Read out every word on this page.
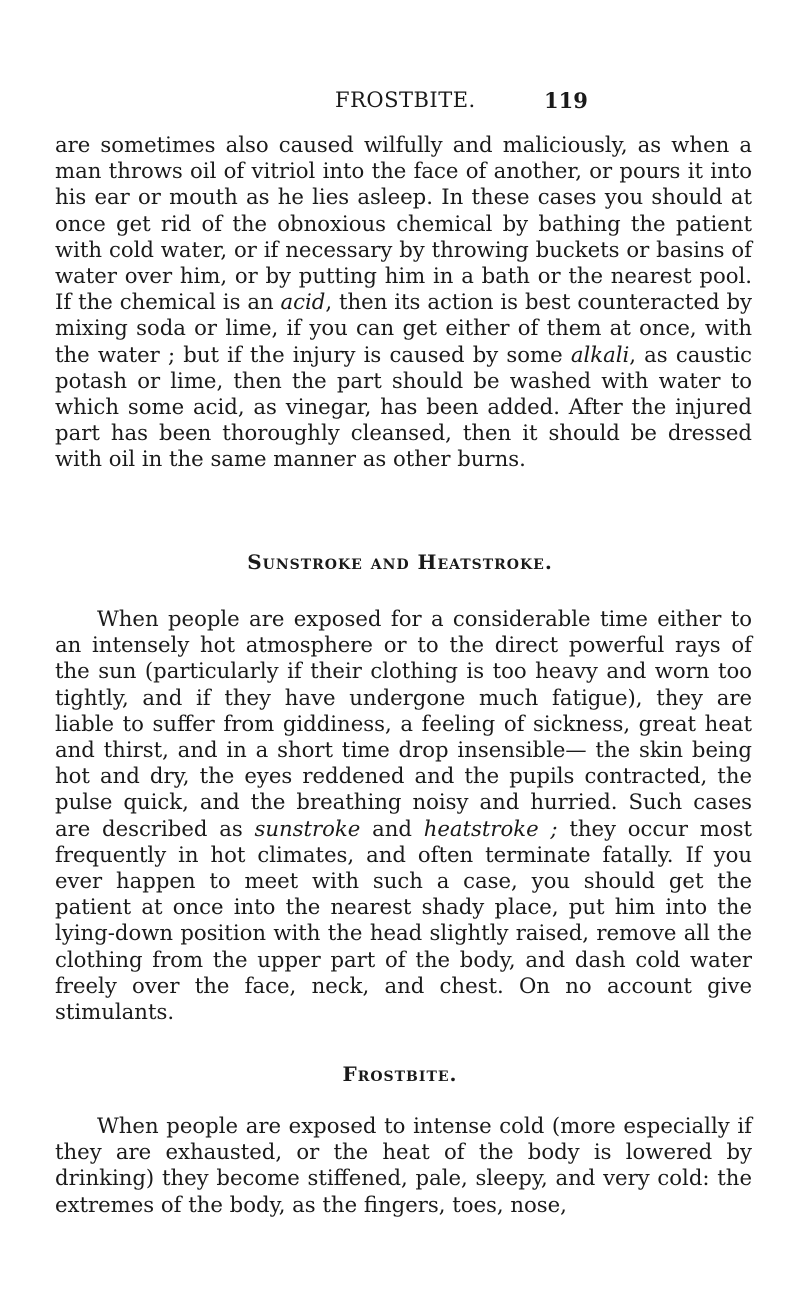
FROSTBITE.	119

are sometimes also caused wilfully and maliciously, as when a man throws oil of vitriol into the face of another, or pours it into his ear or mouth as he lies asleep. In these cases you should at once get rid of the obnoxious chemical by bathing the patient with cold water, or if necessary by throwing buckets or basins of water over him, or by putting him in a bath or the nearest pool. If the chemical is an acid, then its action is best counteracted by mixing soda or lime, if you can get either of them at once, with the water ; but if the injury is caused by some alkali, as caustic potash or lime, then the part should be washed with water to which some acid, as vinegar, has been added. After the injured part has been thoroughly cleansed, then it should be dressed with oil in the same manner as other burns.

Sunstroke and Heatstroke.

When people are exposed for a considerable time either to an intensely hot atmosphere or to the direct powerful rays of the sun (particularly if their clothing is too heavy and worn too tightly, and if they have undergone much fatigue), they are liable to suffer from giddiness, a feeling of sickness, great heat and thirst, and in a short time drop insensible— the skin being hot and dry, the eyes reddened and the pupils contracted, the pulse quick, and the breathing noisy and hurried. Such cases are described as sunstroke and heatstroke ; they occur most frequently in hot climates, and often terminate fatally. If you ever happen to meet with such a case, you should get the patient at once into the nearest shady place, put him into the lying-down position with the head slightly raised, remove all the clothing from the upper part of the body, and dash cold water freely over the face, neck, and chest. On no account give stimulants.

Frostbite.

When people are exposed to intense cold (more especially if they are exhausted, or the heat of the body is lowered by drinking) they become stiffened, pale, sleepy, and very cold: the extremes of the body, as the fingers, toes, nose,
